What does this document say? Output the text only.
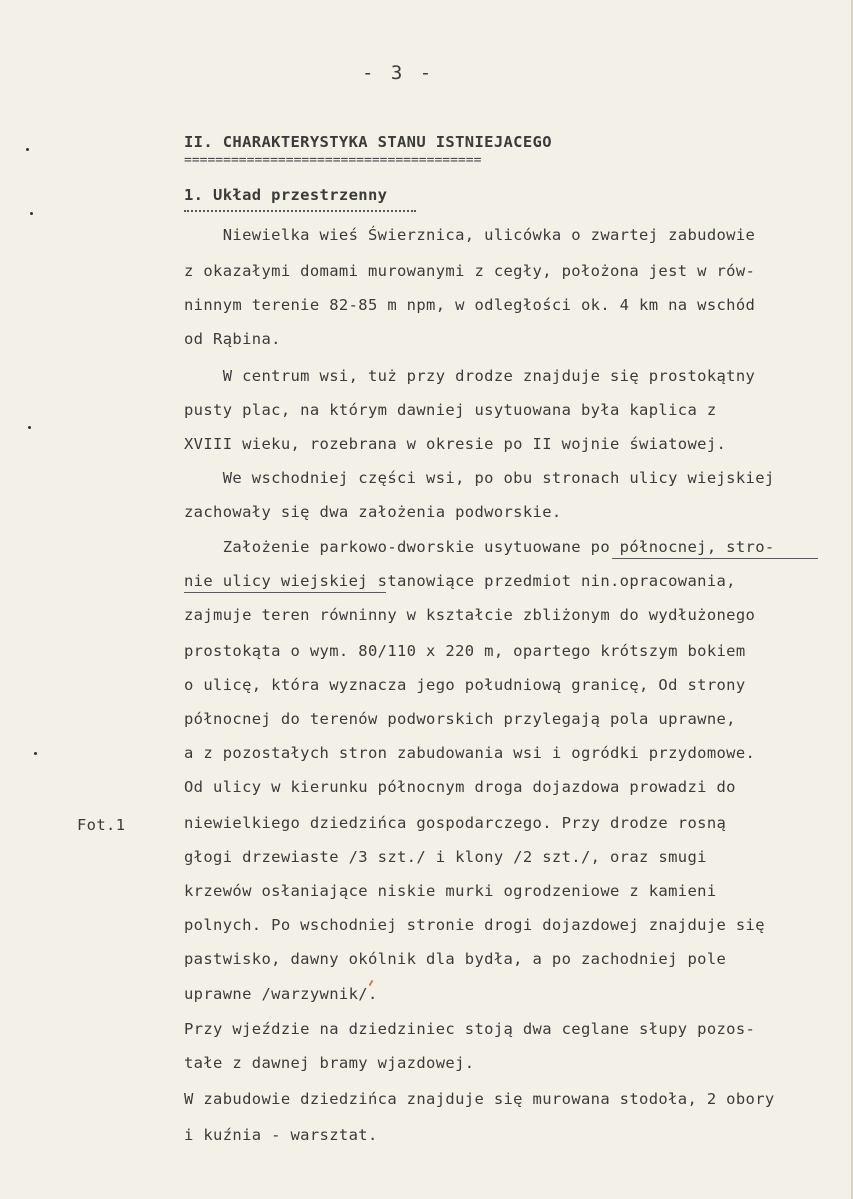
- 3 -
II. CHARAKTERYSTYKA STANU ISTNIEJACEGO
======================================
1. Układ przestrzenny
Fot.1
Niewielka wieś Świerznica, ulicówka o zwartej zabudowie
z okazałymi domami murowanymi z cegły, położona jest w rów-
ninnym terenie 82-85 m npm, w odległości ok. 4 km na wschód
od Rąbina.
W centrum wsi, tuż przy drodze znajduje się prostokątny
pusty plac, na którym dawniej usytuowana była kaplica z
XVIII wieku, rozebrana w okresie po II wojnie światowej.
We wschodniej części wsi, po obu stronach ulicy wiejskiej
zachowały się dwa założenia podworskie.
Założenie parkowo-dworskie usytuowane po północnej, stro-
nie ulicy wiejskiej stanowiące przedmiot nin.opracowania,
zajmuje teren równinny w kształcie zbliżonym do wydłużonego
prostokąta o wym. 80/110 x 220 m, opartego krótszym bokiem
o ulicę, która wyznacza jego południową granicę, Od strony
północnej do terenów podworskich przylegają pola uprawne,
a z pozostałych stron zabudowania wsi i ogródki przydomowe.
Od ulicy w kierunku północnym droga dojazdowa prowadzi do
niewielkiego dziedzińca gospodarczego. Przy drodze rosną
głogi drzewiaste /3 szt./ i klony /2 szt./, oraz smugi
krzewów osłaniające niskie murki ogrodzeniowe z kamieni
polnych. Po wschodniej stronie drogi dojazdowej znajduje się
pastwisko, dawny okólnik dla bydła, a po zachodniej pole
uprawne /warzywnik/.
Przy wjeździe na dziedziniec stoją dwa ceglane słupy pozos-
tałe z dawnej bramy wjazdowej.
W zabudowie dziedzińca znajduje się murowana stodoła, 2 obory
i kuźnia - warsztat.
